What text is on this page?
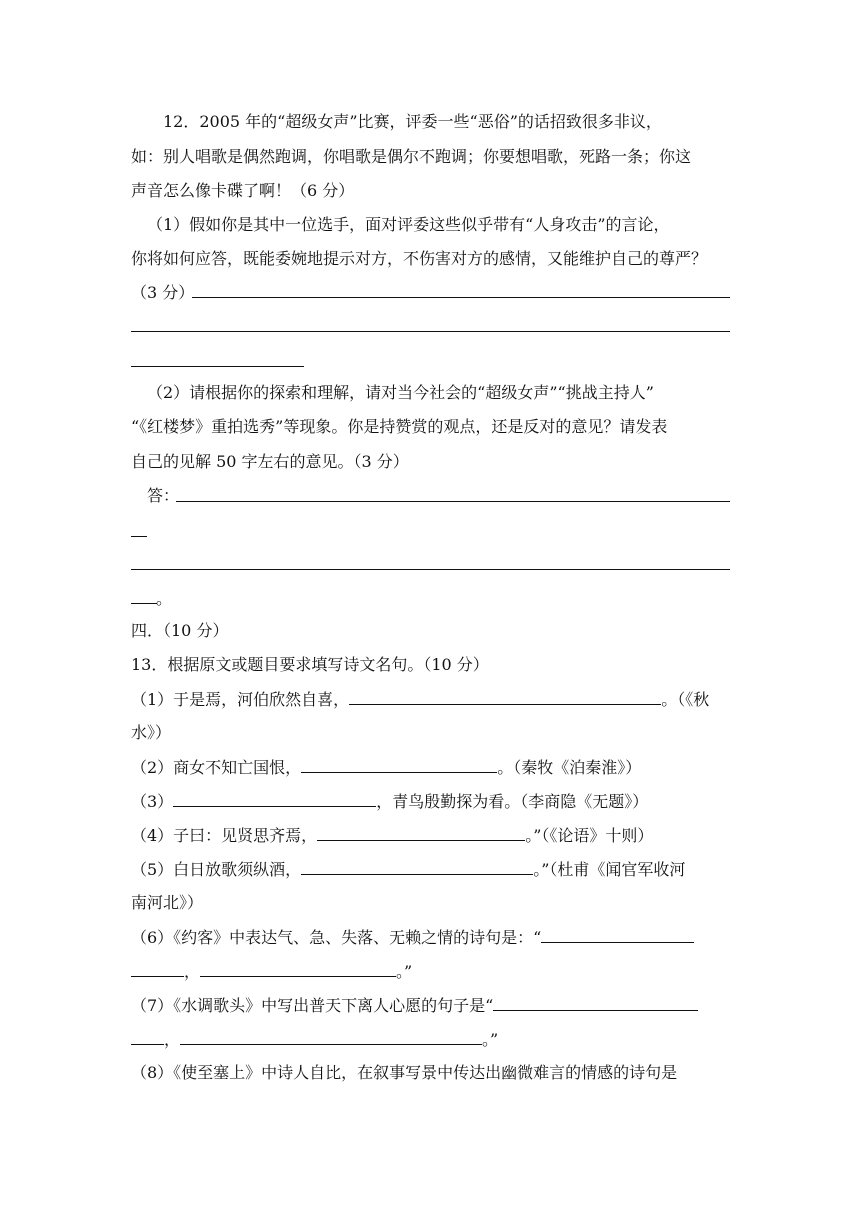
12．2005 年的“超级女声”比赛，评委一些“恶俗”的话招致很多非议，
如：别人唱歌是偶然跑调，你唱歌是偶尔不跑调；你要想唱歌，死路一条；你这
声音怎么像卡碟了啊！（6 分）
（1）假如你是其中一位选手，面对评委这些似乎带有“人身攻击”的言论，
你将如何应答，既能委婉地提示对方，不伤害对方的感情，又能维护自己的尊严？
（3 分）
（2）请根据你的探索和理解，请对当今社会的“超级女声”“挑战主持人”
“《红楼梦》重拍选秀”等现象。你是持赞赏的观点，还是反对的意见？请发表
自己的见解 50 字左右的意见。（3 分）
答：
。
四．（10 分）
13．根据原文或题目要求填写诗文名句。（10 分）
（1）于是焉，河伯欣然自喜，	。（《秋
水》）
（2）商女不知亡国恨，	。（秦牧《泊秦淮》）
（3）	，青鸟殷勤探为看。（李商隐《无题》）
（4）子曰：见贤思齐焉，	。”（《论语》十则）
（5）白日放歌须纵酒，	。”（杜甫《闻官军收河
南河北》）
（6）《约客》中表达气、急、失落、无赖之情的诗句是：“
，	。”
（7）《水调歌头》中写出普天下离人心愿的句子是“
，	。”
（8）《使至塞上》中诗人自比，在叙事写景中传达出幽微难言的情感的诗句是
